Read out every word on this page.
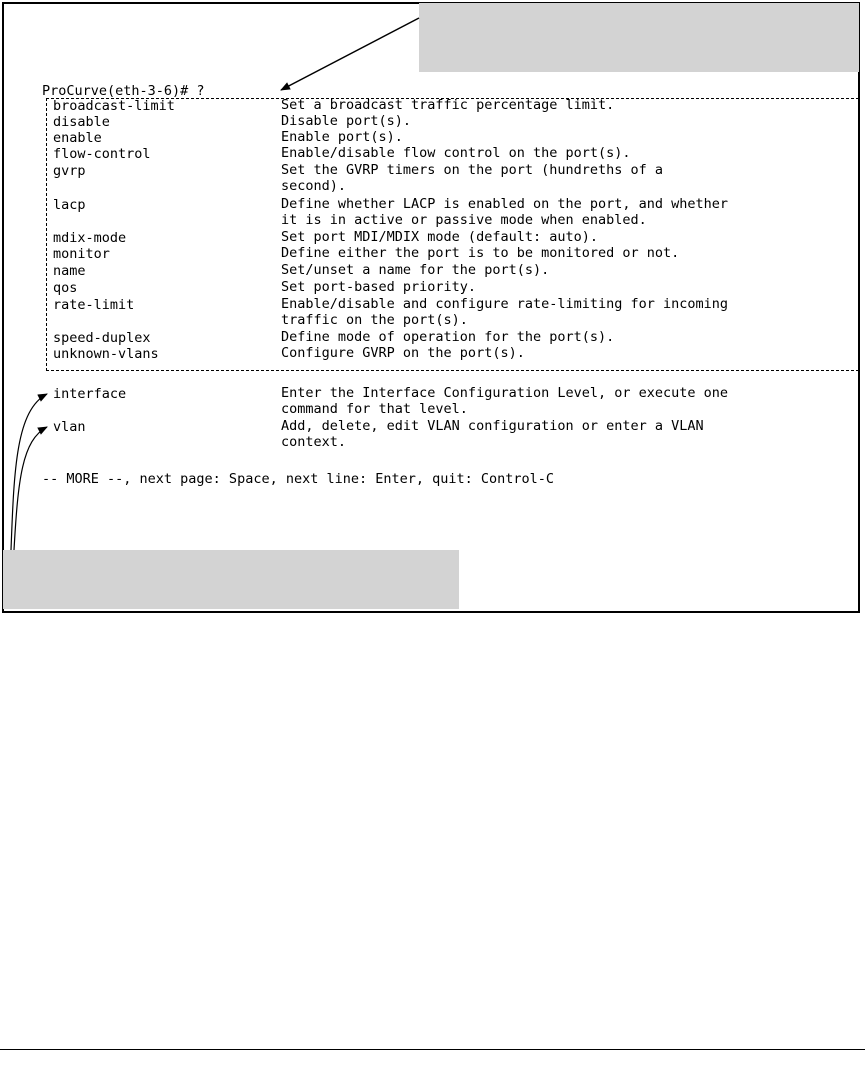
ProCurve(eth-3-6)# ?
broadcast-limit	Set a broadcast traffic percentage limit.
disable	Disable port(s).
enable	Enable port(s).
flow-control	Enable/disable flow control on the port(s).
gvrp	Set the GVRP timers on the port (hundreths of a
second).
lacp	Define whether LACP is enabled on the port, and whether
it is in active or passive mode when enabled.
mdix-mode	Set port MDI/MDIX mode (default: auto).
monitor	Define either the port is to be monitored or not.
name	Set/unset a name for the port(s).
qos	Set port-based priority.
rate-limit	Enable/disable and configure rate-limiting for incoming
traffic on the port(s).
speed-duplex	Define mode of operation for the port(s).
unknown-vlans	Configure GVRP on the port(s).
interface	Enter the Interface Configuration Level, or execute one
command for that level.
vlan	Add, delete, edit VLAN configuration or enter a VLAN
context.
-- MORE --, next page: Space, next line: Enter, quit: Control-C
